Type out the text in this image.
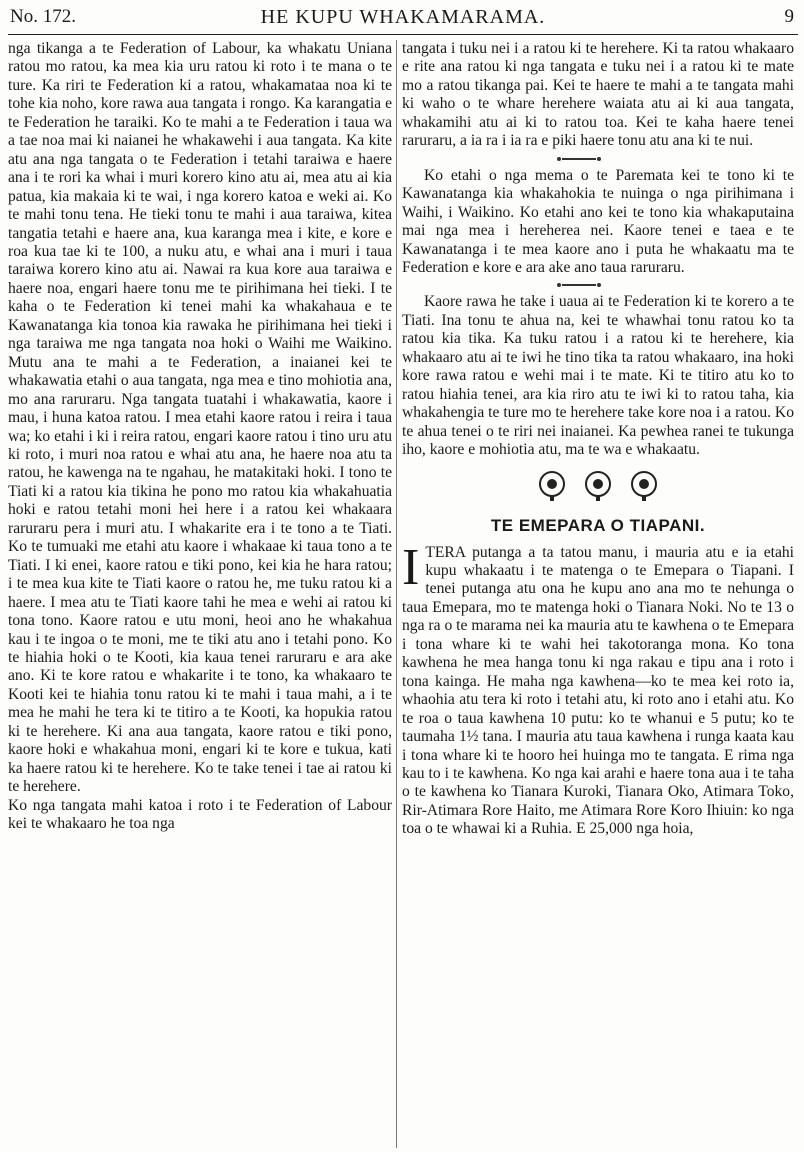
No. 172.	HE KUPU WHAKAMARAMA.	9

nga tikanga a te Federation of Labour, ka whakatu Uniana ratou mo ratou, ka mea kia uru ratou ki roto i te mana o te ture. Ka riri te Federation ki a ratou, whakamataa noa ki te tohe kia noho, kore rawa aua tangata i rongo. Ka karangatia e te Federation he taraiki. Ko te mahi a te Federation i taua wa a tae noa mai ki naianei he whakawehi i aua tangata. Ka kite atu ana nga tangata o te Federation i tetahi taraiwa e haere ana i te rori ka whai i muri korero kino atu ai, mea atu ai kia patua, kia makaia ki te wai, i nga korero katoa e weki ai. Ko te mahi tonu tena. He tieki tonu te mahi i aua taraiwa, kitea tangatia tetahi e haere ana, kua karanga mea i kite, e kore e roa kua tae ki te 100, a nuku atu, e whai ana i muri i taua taraiwa korero kino atu ai. Nawai ra kua kore aua taraiwa e haere noa, engari haere tonu me te pirihimana hei tieki. I te kaha o te Federation ki tenei mahi ka whakahaua e te Kawanatanga kia tonoa kia rawaka he pirihimana hei tieki i nga taraiwa me nga tangata noa hoki o Waihi me Waikino. Mutu ana te mahi a te Federation, a inaianei kei te whakawatia etahi o aua tangata, nga mea e tino mohiotia ana, mo ana raruraru. Nga tangata tuatahi i whakawatia, kaore i mau, i huna katoa ratou. I mea etahi kaore ratou i reira i taua wa; ko etahi i ki i reira ratou, engari kaore ratou i tino uru atu ki roto, i muri noa ratou e whai atu ana, he haere noa atu ta ratou, he kawenga na te ngahau, he matakitaki hoki. I tono te Tiati ki a ratou kia tikina he pono mo ratou kia whakahuatia hoki e ratou tetahi moni hei here i a ratou kei whakaara raruraru pera i muri atu. I whakarite era i te tono a te Tiati. Ko te tumuaki me etahi atu kaore i whakaae ki taua tono a te Tiati. I ki enei, kaore ratou e tiki pono, kei kia he hara ratou; i te mea kua kite te Tiati kaore o ratou he, me tuku ratou ki a haere. I mea atu te Tiati kaore tahi he mea e wehi ai ratou ki tona tono. Kaore ratou e utu moni, heoi ano he whakahua kau i te ingoa o te moni, me te tiki atu ano i tetahi pono. Ko te hiahia hoki o te Kooti, kia kaua tenei raruraru e ara ake ano. Ki te kore ratou e whakarite i te tono, ka whakaaro te Kooti kei te hiahia tonu ratou ki te mahi i taua mahi, a i te mea he mahi he tera ki te titiro a te Kooti, ka hopukia ratou ki te herehere. Ki ana aua tangata, kaore ratou e tiki pono, kaore hoki e whakahua moni, engari ki te kore e tukua, kati ka haere ratou ki te herehere. Ko te take tenei i tae ai ratou ki te herehere.

Ko nga tangata mahi katoa i roto i te Federation of Labour kei te whakaaro he toa nga

tangata i tuku nei i a ratou ki te herehere. Ki ta ratou whakaaro e rite ana ratou ki nga tangata e tuku nei i a ratou ki te mate mo a ratou tikanga pai. Kei te haere te mahi a te tangata mahi ki waho o te whare herehere waiata atu ai ki aua tangata, whakamihi atu ai ki to ratou toa. Kei te kaha haere tenei raruraru, a ia ra i ia ra e piki haere tonu atu ana ki te nui.

Ko etahi o nga mema o te Paremata kei te tono ki te Kawanatanga kia whakahokia te nuinga o nga pirihimana i Waihi, i Waikino. Ko etahi ano kei te tono kia whakaputaina mai nga mea i hereherea nei. Kaore tenei e taea e te Kawanatanga i te mea kaore ano i puta he whakaatu ma te Federation e kore e ara ake ano taua raruraru.

Kaore rawa he take i uaua ai te Federation ki te korero a te Tiati. Ina tonu te ahua na, kei te whawhai tonu ratou ko ta ratou kia tika. Ka tuku ratou i a ratou ki te herehere, kia whakaaro atu ai te iwi he tino tika ta ratou whakaaro, ina hoki kore rawa ratou e wehi mai i te mate. Ki te titiro atu ko to ratou hiahia tenei, ara kia riro atu te iwi ki to ratou taha, kia whakahengia te ture mo te herehere take kore noa i a ratou. Ko te ahua tenei o te riri nei inaianei. Ka pewhea ranei te tukunga iho, kaore e mohiotia atu, ma te wa e whakaatu.

TE EMEPARA O TIAPANI.

ITERA putanga a ta tatou manu, i mauria atu e ia etahi kupu whakaatu i te matenga o te Emepara o Tiapani. I tenei putanga atu ona he kupu ano ana mo te nehunga o taua Emepara, mo te matenga hoki o Tianara Noki. No te 13 o nga ra o te marama nei ka mauria atu te kawhena o te Emepara i tona whare ki te wahi hei takotoranga mona. Ko tona kawhena he mea hanga tonu ki nga rakau e tipu ana i roto i tona kainga. He maha nga kawhena—ko te mea kei roto ia, whaohia atu tera ki roto i tetahi atu, ki roto ano i etahi atu. Ko te roa o taua kawhena 10 putu: ko te whanui e 5 putu; ko te taumaha 1½ tana. I mauria atu taua kawhena i runga kaata kau i tona whare ki te hooro hei huinga mo te tangata. E rima nga kau to i te kawhena. Ko nga kai arahi e haere tona aua i te taha o te kawhena ko Tianara Kuroki, Tianara Oko, Atimara Toko, Rir-Atimara Rore Haito, me Atimara Rore Koro Ihiuin: ko nga toa o te whawai ki a Ruhia. E 25,000 nga hoia,
